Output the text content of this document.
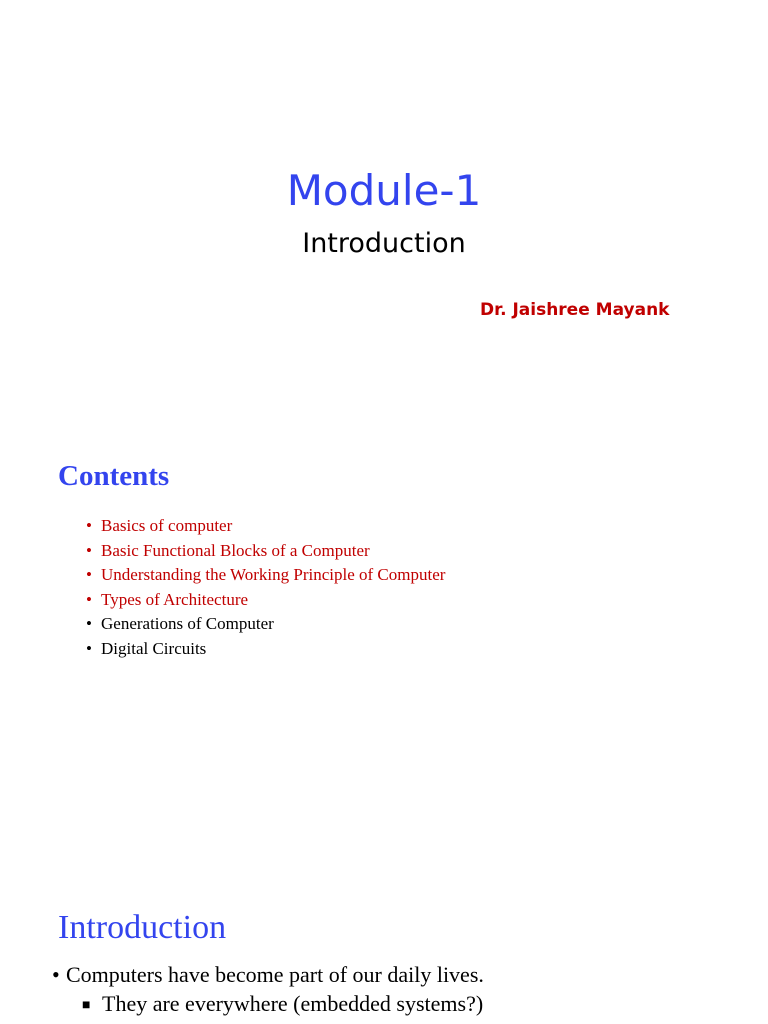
Module-1
Introduction
Dr. Jaishree Mayank
Contents
• Basics of computer
• Basic Functional Blocks of a Computer
• Understanding the Working Principle of Computer
• Types of Architecture
• Generations of Computer
• Digital Circuits
Introduction
• Computers have become part of our daily lives.
■ They are everywhere (embedded systems?)
